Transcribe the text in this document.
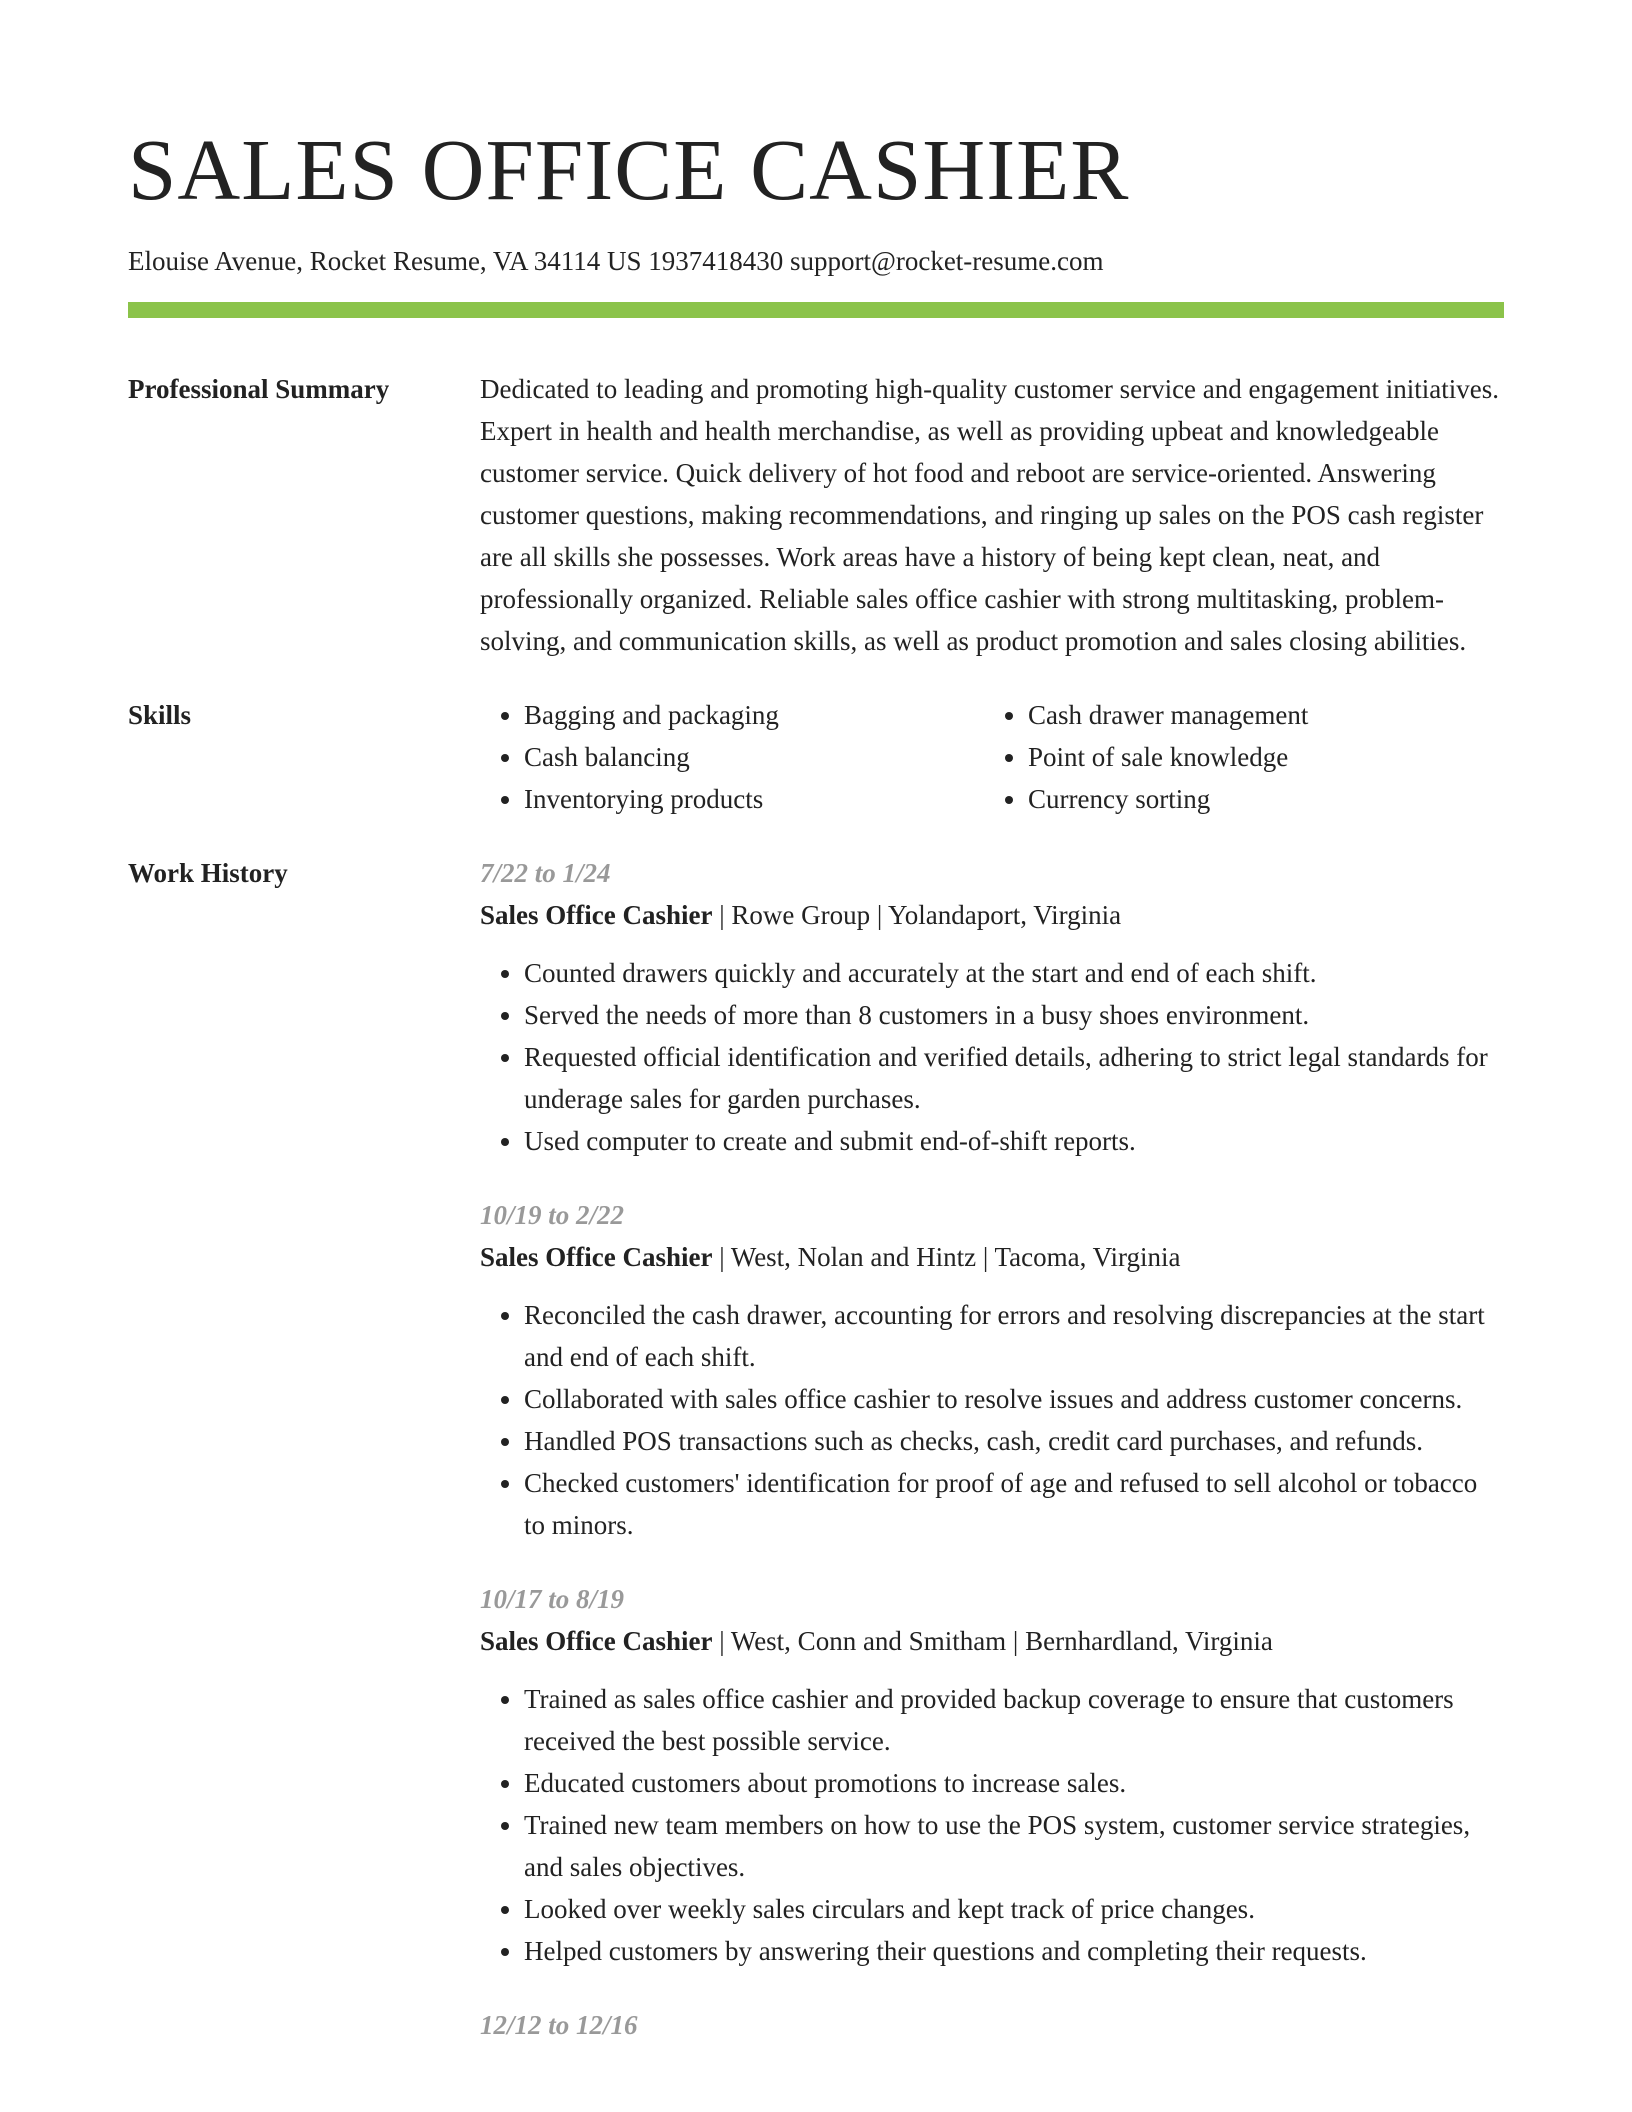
SALES OFFICE CASHIER
Elouise Avenue, Rocket Resume, VA 34114 US 1937418430 support@rocket-resume.com
Professional Summary	Dedicated to leading and promoting high-quality customer service and engagement initiatives. Expert in health and health merchandise, as well as providing upbeat and knowledgeable customer service. Quick delivery of hot food and reboot are service-oriented. Answering customer questions, making recommendations, and ringing up sales on the POS cash register are all skills she possesses. Work areas have a history of being kept clean, neat, and professionally organized. Reliable sales office cashier with strong multitasking, problem-solving, and communication skills, as well as product promotion and sales closing abilities.

Skills
•	Bagging and packaging
• Cash balancing
• Inventorying products
• Cash drawer management
• Point of sale knowledge
• Currency sorting
Work History	7/22 to 1/24
Sales Office Cashier | Rowe Group | Yolandaport, Virginia
• Counted drawers quickly and accurately at the start and end of each shift.
• Served the needs of more than 8 customers in a busy shoes environment.
• Requested official identification and verified details, adhering to strict legal standards for underage sales for garden purchases.
• Used computer to create and submit end-of-shift reports.
10/19 to 2/22
Sales Office Cashier | West, Nolan and Hintz | Tacoma, Virginia
• Reconciled the cash drawer, accounting for errors and resolving discrepancies at the start and end of each shift.
• Collaborated with sales office cashier to resolve issues and address customer concerns.
• Handled POS transactions such as checks, cash, credit card purchases, and refunds.
• Checked customers' identification for proof of age and refused to sell alcohol or tobacco to minors.
10/17 to 8/19
Sales Office Cashier | West, Conn and Smitham | Bernhardland, Virginia
• Trained as sales office cashier and provided backup coverage to ensure that customers received the best possible service.
• Educated customers about promotions to increase sales.
• Trained new team members on how to use the POS system, customer service strategies, and sales objectives.
• Looked over weekly sales circulars and kept track of price changes.
• Helped customers by answering their questions and completing their requests.
12/12 to 12/16
